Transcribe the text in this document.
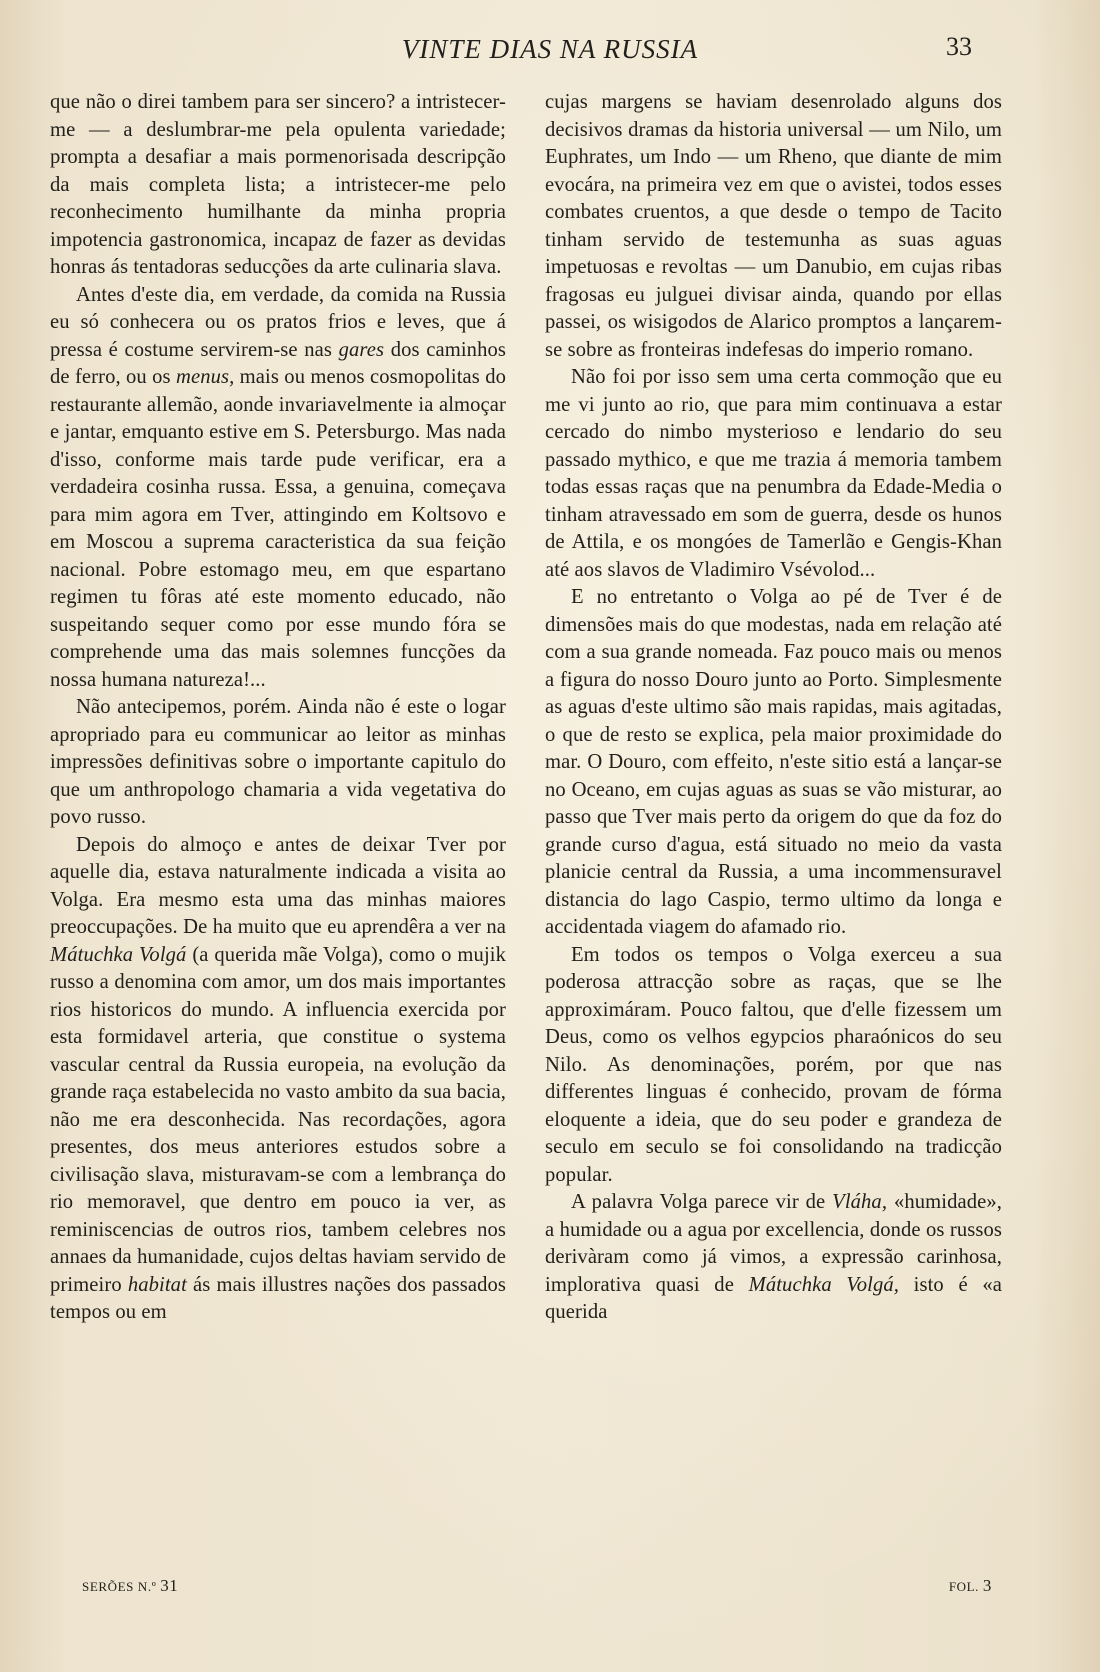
VINTE DIAS NA RUSSIA	33

que não o direi tambem para ser sincero? a intristecer-me — a deslumbrar-me pela opulenta variedade; prompta a desafiar a mais pormenorisada descripção da mais completa lista; a intristecer-me pelo reconhecimento humilhante da minha propria impotencia gastronomica, incapaz de fazer as devidas honras ás tentadoras seducções da arte culinaria slava.

Antes d'este dia, em verdade, da comida na Russia eu só conhecera ou os pratos frios e leves, que á pressa é costume servirem-se nas gares dos caminhos de ferro, ou os menus, mais ou menos cosmopolitas do restaurante allemão, aonde invariavelmente ia almoçar e jantar, emquanto estive em S. Petersburgo. Mas nada d'isso, conforme mais tarde pude verificar, era a verdadeira cosinha russa. Essa, a genuina, começava para mim agora em Tver, attingindo em Koltsovo e em Moscou a suprema caracteristica da sua feição nacional. Pobre estomago meu, em que espartano regimen tu fôras até este momento educado, não suspeitando sequer como por esse mundo fóra se comprehende uma das mais solemnes funcções da nossa humana natureza!...

Não antecipemos, porém. Ainda não é este o logar apropriado para eu communicar ao leitor as minhas impressões definitivas sobre o importante capitulo do que um anthropologo chamaria a vida vegetativa do povo russo.

Depois do almoço e antes de deixar Tver por aquelle dia, estava naturalmente indicada a visita ao Volga. Era mesmo esta uma das minhas maiores preoccupações. De ha muito que eu aprendêra a ver na Mátuchka Volgá (a querida mãe Volga), como o mujik russo a denomina com amor, um dos mais importantes rios historicos do mundo. A influencia exercida por esta formidavel arteria, que constitue o systema vascular central da Russia europeia, na evolução da grande raça estabelecida no vasto ambito da sua bacia, não me era desconhecida. Nas recordações, agora presentes, dos meus anteriores estudos sobre a civilisação slava, misturavam-se com a lembrança do rio memoravel, que dentro em pouco ia ver, as reminiscencias de outros rios, tambem celebres nos annaes da humanidade, cujos deltas haviam servido de primeiro habitat ás mais illustres nações dos passados tempos ou em

cujas margens se haviam desenrolado alguns dos decisivos dramas da historia universal — um Nilo, um Euphrates, um Indo — um Rheno, que diante de mim evocára, na primeira vez em que o avistei, todos esses combates cruentos, a que desde o tempo de Tacito tinham servido de testemunha as suas aguas impetuosas e revoltas — um Danubio, em cujas ribas fragosas eu julguei divisar ainda, quando por ellas passei, os wisigodos de Alarico promptos a lançarem-se sobre as fronteiras indefesas do imperio romano.

Não foi por isso sem uma certa commoção que eu me vi junto ao rio, que para mim continuava a estar cercado do nimbo mysterioso e lendario do seu passado mythico, e que me trazia á memoria tambem todas essas raças que na penumbra da Edade-Media o tinham atravessado em som de guerra, desde os hunos de Attila, e os mongóes de Tamerlão e Gengis-Khan até aos slavos de Vladimiro Vsévolod...

E no entretanto o Volga ao pé de Tver é de dimensões mais do que modestas, nada em relação até com a sua grande nomeada. Faz pouco mais ou menos a figura do nosso Douro junto ao Porto. Simplesmente as aguas d'este ultimo são mais rapidas, mais agitadas, o que de resto se explica, pela maior proximidade do mar. O Douro, com effeito, n'este sitio está a lançar-se no Oceano, em cujas aguas as suas se vão misturar, ao passo que Tver mais perto da origem do que da foz do grande curso d'agua, está situado no meio da vasta planicie central da Russia, a uma incommensuravel distancia do lago Caspio, termo ultimo da longa e accidentada viagem do afamado rio.

Em todos os tempos o Volga exerceu a sua poderosa attracção sobre as raças, que se lhe approximáram. Pouco faltou, que d'elle fizessem um Deus, como os velhos egypcios pharaónicos do seu Nilo. As denominações, porém, por que nas differentes linguas é conhecido, provam de fórma eloquente a ideia, que do seu poder e grandeza de seculo em seculo se foi consolidando na tradicção popular.

A palavra Volga parece vir de Vláha, «humidade», a humidade ou a agua por excellencia, donde os russos derivàram como já vimos, a expressão carinhosa, implorativa quasi de Mátuchka Volgá, isto é «a querida

SERÕES N.º 31	FOL. 3
